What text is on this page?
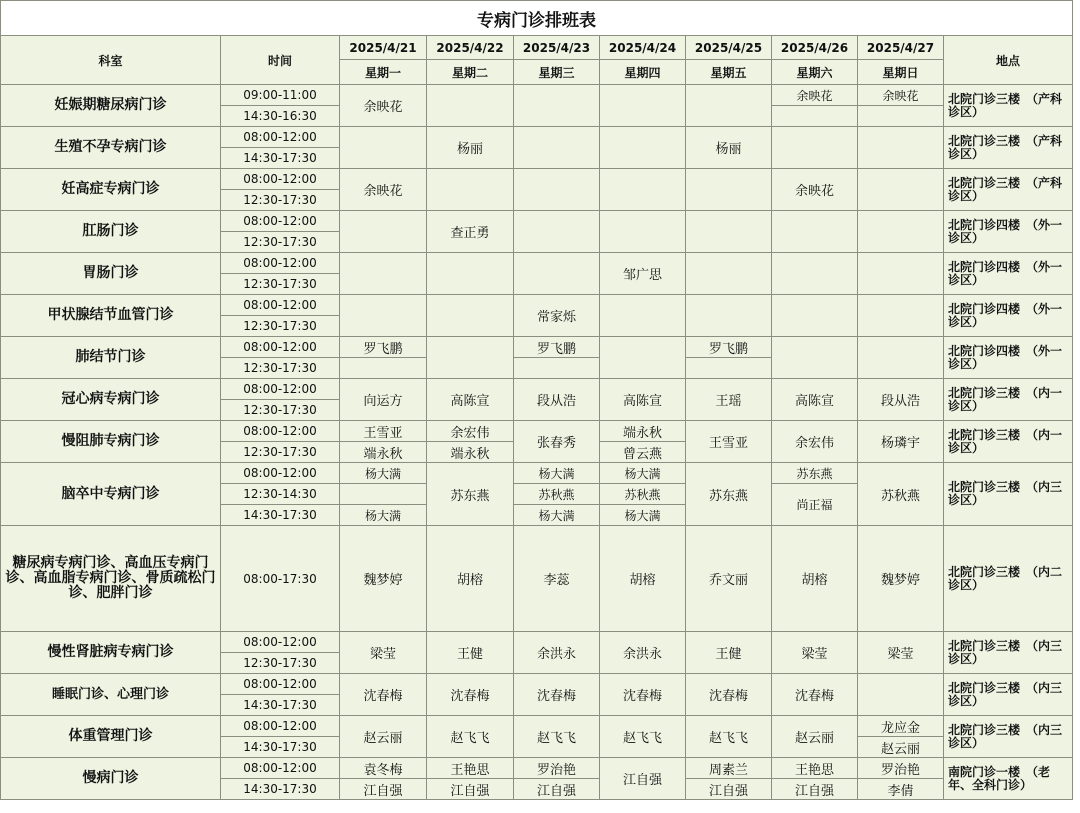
专病门诊排班表									
科室	时间	2025/4/21	2025/4/22	2025/4/23	2025/4/24	2025/4/25	2025/4/26	2025/4/27	地点
		星期一	星期二	星期三	星期四	星期五	星期六	星期日	
妊娠期糖尿病门诊	09:00-11:00	余映花					余映花	余映花	北院门诊三楼　（产科诊区）
	14:30-16:30								
生殖不孕专病门诊	08:00-12:00		杨丽			杨丽			北院门诊三楼　（产科诊区）
	14:30-17:30								
妊高症专病门诊	08:00-12:00	余映花					余映花		北院门诊三楼　（产科诊区）
	12:30-17:30								
肛肠门诊	08:00-12:00		查正勇						北院门诊四楼　（外一诊区）
	12:30-17:30								
胃肠门诊	08:00-12:00				邹广思				北院门诊四楼　（外一诊区）
	12:30-17:30								
甲状腺结节血管门诊	08:00-12:00			常家烁					北院门诊四楼　（外一诊区）
	12:30-17:30								
肺结节门诊	08:00-12:00	罗飞鹏		罗飞鹏		罗飞鹏			北院门诊四楼　（外一诊区）
	12:30-17:30								
冠心病专病门诊	08:00-12:00	向运方	高陈宣	段从浩	高陈宣	王瑶	高陈宣	段从浩	北院门诊三楼　（内一诊区）
	12:30-17:30								
慢阻肺专病门诊	08:00-12:00	王雪亚	余宏伟	张春秀	端永秋	王雪亚	余宏伟	杨璘宇	北院门诊三楼　（内一诊区）
	12:30-17:30	端永秋	端永秋		曾云燕				
脑卒中专病门诊	08:00-12:00	杨大满	苏东燕	杨大满	杨大满	苏东燕	苏东燕	苏秋燕	北院门诊三楼　（内三诊区）
	12:30-14:30			苏秋燕	苏秋燕		尚正福		
	14:30-17:30	杨大满		杨大满	杨大满				
糖尿病专病门诊、高血压专病门诊、高血脂专病门诊、骨质疏松门诊、肥胖门诊	08:00-17:30	魏梦婷	胡榕	李蕊	胡榕	乔文丽	胡榕	魏梦婷	北院门诊三楼　（内二诊区）
慢性肾脏病专病门诊	08:00-12:00	梁莹	王健	余洪永	余洪永	王健	梁莹	梁莹	北院门诊三楼　（内三诊区）
	12:30-17:30								
睡眠门诊、心理门诊	08:00-12:00	沈春梅	沈春梅	沈春梅	沈春梅	沈春梅	沈春梅		北院门诊三楼　（内三诊区）
	14:30-17:30								
体重管理门诊	08:00-12:00	赵云丽	赵飞飞	赵飞飞	赵飞飞	赵飞飞	赵云丽	龙应金	北院门诊三楼　（内三诊区）
	14:30-17:30							赵云丽	
慢病门诊	08:00-12:00	袁冬梅	王艳思	罗治艳	江自强	周素兰	王艳思	罗治艳	南院门诊一楼　（老年、全科门诊）
	14:30-17:30	江自强	江自强	江自强		江自强	江自强	李倩	
